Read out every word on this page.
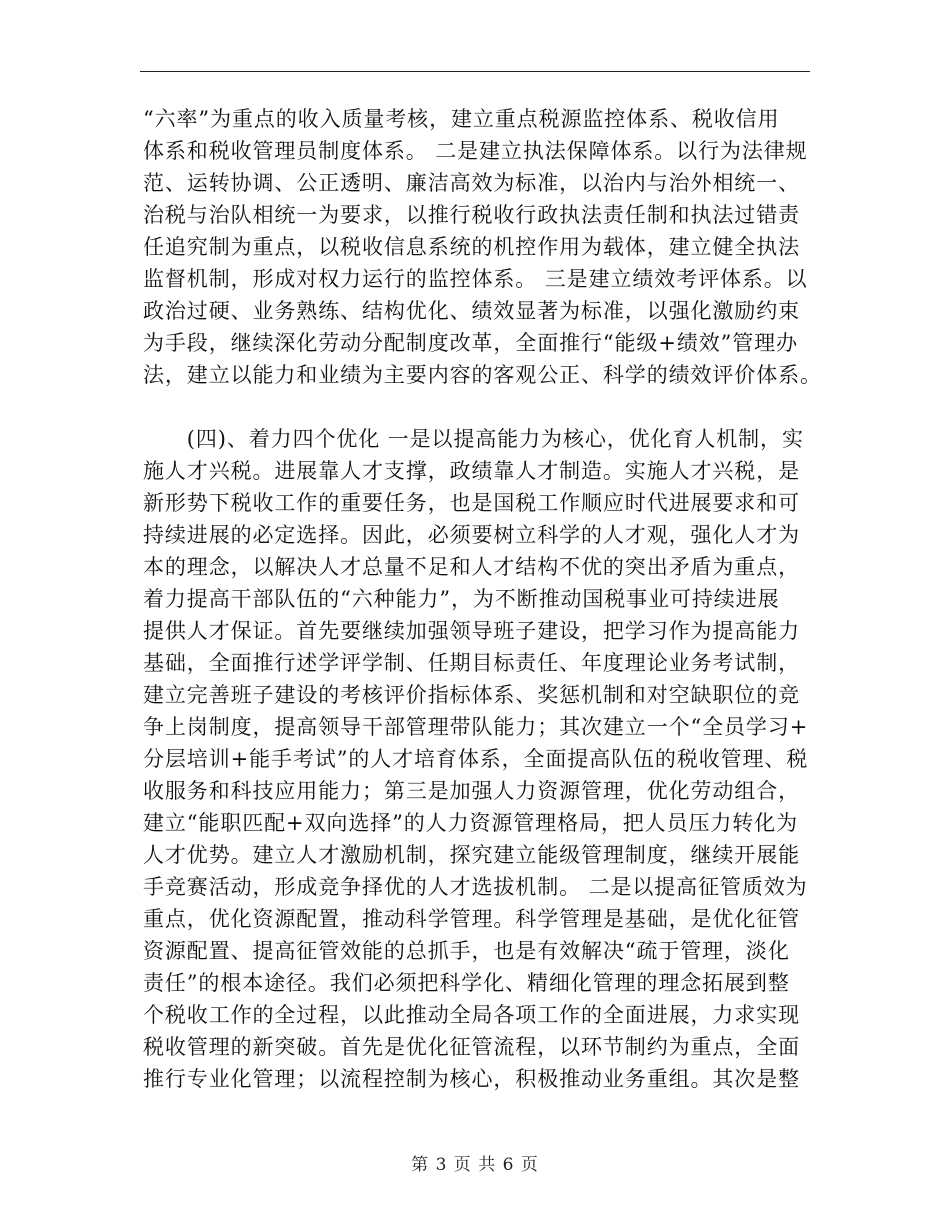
“六率”为重点的收入质量考核，建立重点税源监控体系、税收信用
体系和税收管理员制度体系。 二是建立执法保障体系。以行为法律规
范、运转协调、公正透明、廉洁高效为标准，以治内与治外相统一、
治税与治队相统一为要求，以推行税收行政执法责任制和执法过错责
任追究制为重点，以税收信息系统的机控作用为载体，建立健全执法
监督机制，形成对权力运行的监控体系。 三是建立绩效考评体系。以
政治过硬、业务熟练、结构优化、绩效显著为标准，以强化激励约束
为手段，继续深化劳动分配制度改革，全面推行“能级+绩效”管理办
法，建立以能力和业绩为主要内容的客观公正、科学的绩效评价体系。
　　(四)、着力四个优化 一是以提高能力为核心，优化育人机制，实
施人才兴税。进展靠人才支撑，政绩靠人才制造。实施人才兴税，是
新形势下税收工作的重要任务，也是国税工作顺应时代进展要求和可
持续进展的必定选择。因此，必须要树立科学的人才观，强化人才为
本的理念，以解决人才总量不足和人才结构不优的突出矛盾为重点，
着力提高干部队伍的“六种能力”，为不断推动国税事业可持续进展
提供人才保证。首先要继续加强领导班子建设，把学习作为提高能力
基础，全面推行述学评学制、任期目标责任、年度理论业务考试制，
建立完善班子建设的考核评价指标体系、奖惩机制和对空缺职位的竞
争上岗制度，提高领导干部管理带队能力；其次建立一个“全员学习+
分层培训+能手考试”的人才培育体系，全面提高队伍的税收管理、税
收服务和科技应用能力；第三是加强人力资源管理，优化劳动组合，
建立“能职匹配+双向选择”的人力资源管理格局，把人员压力转化为
人才优势。建立人才激励机制，探究建立能级管理制度，继续开展能
手竞赛活动，形成竞争择优的人才选拔机制。 二是以提高征管质效为
重点，优化资源配置，推动科学管理。科学管理是基础，是优化征管
资源配置、提高征管效能的总抓手，也是有效解决“疏于管理，淡化
责任”的根本途径。我们必须把科学化、精细化管理的理念拓展到整
个税收工作的全过程，以此推动全局各项工作的全面进展，力求实现
税收管理的新突破。首先是优化征管流程，以环节制约为重点，全面
推行专业化管理；以流程控制为核心，积极推动业务重组。其次是整
第 3 页 共 6 页
